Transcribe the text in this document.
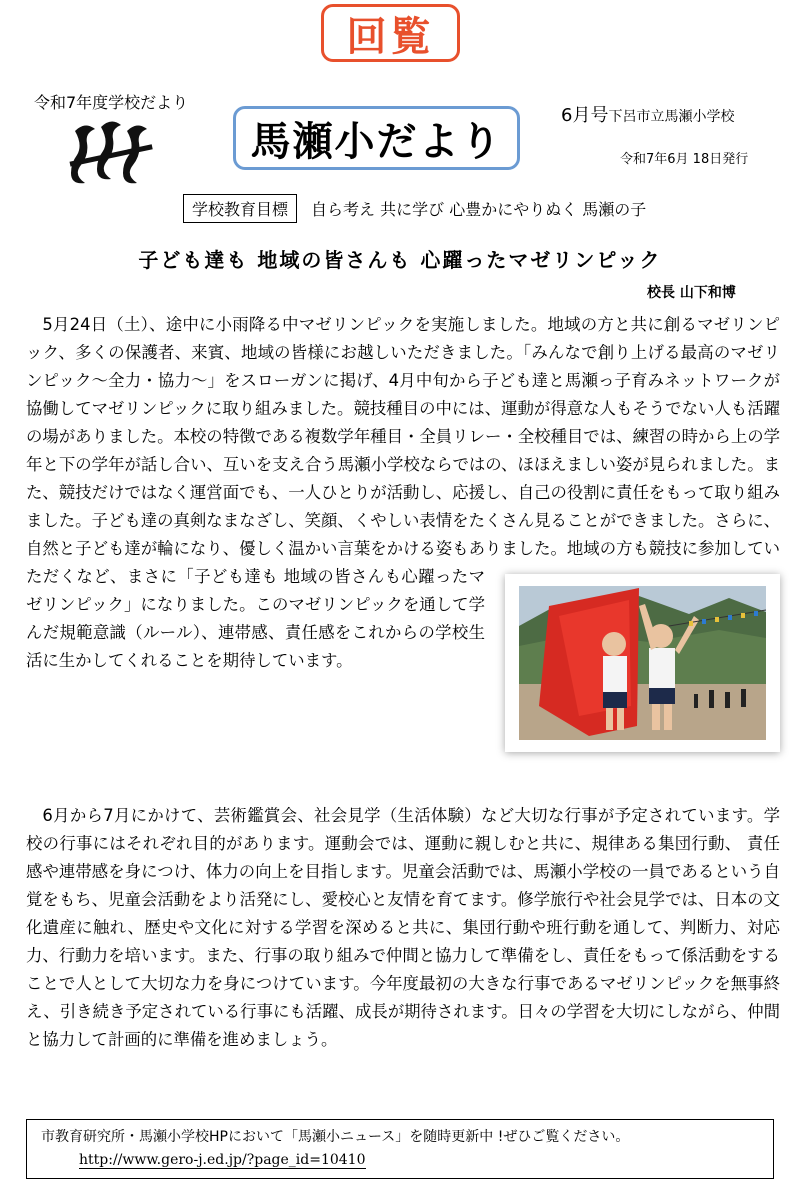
回覧
令和7年度学校だより
馬瀬小だより
6月号下呂市立馬瀬小学校
令和7年6月 18日発行
学校教育目標	自ら考え 共に学び 心豊かにやりぬく 馬瀬の子
子ども達も 地域の皆さんも 心躍ったマゼリンピック
校長 山下和博
5月24日（土）、途中に小雨降る中マゼリンピックを実施しました。地域の方と共に創るマゼリンピック、多くの保護者、来賓、地域の皆様にお越しいただきました。「みんなで創り上げる最高のマゼリンピック～全力・協力～」をスローガンに掲げ、4月中旬から子ども達と馬瀬っ子育みネットワークが協働してマゼリンピックに取り組みました。競技種目の中には、運動が得意な人もそうでない人も活躍の場がありました。本校の特徴である複数学年種目・全員リレー・全校種目では、練習の時から上の学年と下の学年が話し合い、互いを支え合う馬瀬小学校ならではの、ほほえましい姿が見られました。また、競技だけではなく運営面でも、一人ひとりが活動し、応援し、自己の役割に責任をもって取り組みました。子ども達の真剣なまなざし、笑顔、くやしい表情をたくさん見ることができました。さらに、自然と子ども達が輪になり、優しく温かい言葉をかける姿もありました。地域の方も競技に参加していただくなど、まさに「子ども達も 地域の皆さんも心躍ったマゼリンピック」になりました。このマゼリンピックを通して学んだ規範意識（ルール）、連帯感、責任感をこれからの学校生活に生かしてくれることを期待しています。
6月から7月にかけて、芸術鑑賞会、社会見学（生活体験）など大切な行事が予定されています。学校の行事にはそれぞれ目的があります。運動会では、運動に親しむと共に、規律ある集団行動、 責任感や連帯感を身につけ、体力の向上を目指します。児童会活動では、馬瀬小学校の一員であるという自覚をもち、児童会活動をより活発にし、愛校心と友情を育てます。修学旅行や社会見学では、日本の文化遺産に触れ、歴史や文化に対する学習を深めると共に、集団行動や班行動を通して、判断力、対応力、行動力を培います。また、行事の取り組みで仲間と協力して準備をし、責任をもって係活動をすることで人として大切な力を身につけています。今年度最初の大きな行事であるマゼリンピックを無事終え、引き続き予定されている行事にも活躍、成長が期待されます。日々の学習を大切にしながら、仲間と協力して計画的に準備を進めましょう。
市教育研究所・馬瀬小学校HPにおいて「馬瀬小ニュース」を随時更新中 !ぜひご覧ください。
http://www.gero-j.ed.jp/?page_id=10410
